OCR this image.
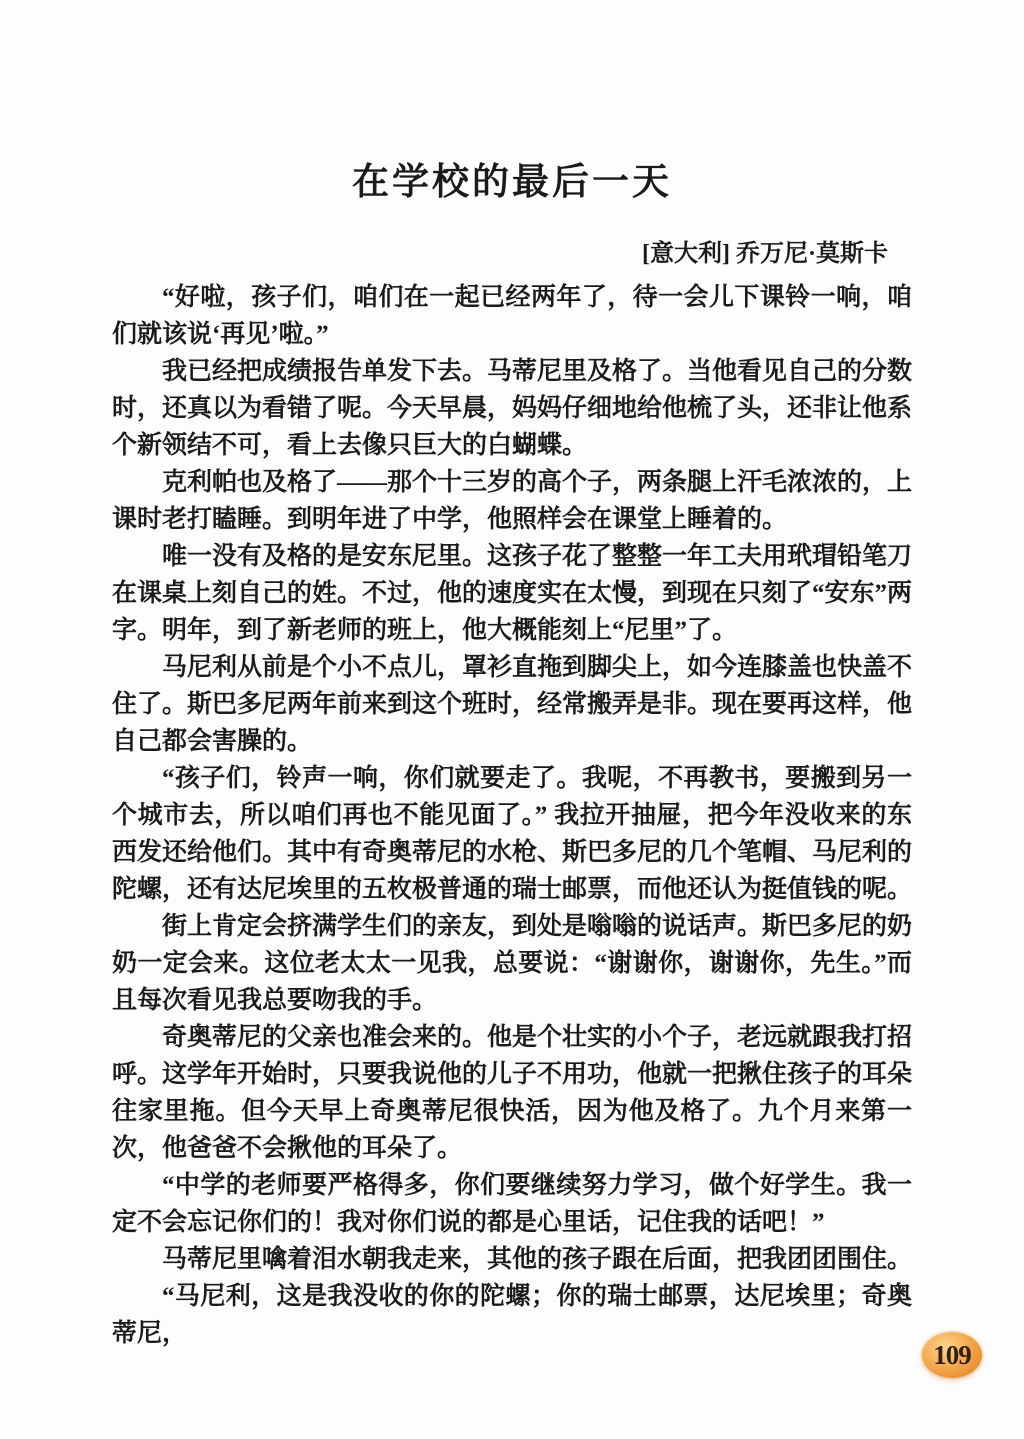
在学校的最后一天
[意大利] 乔万尼·莫斯卡

“好啦，孩子们，咱们在一起已经两年了，待一会儿下课铃一响，咱们就该说‘再见’啦。”

我已经把成绩报告单发下去。马蒂尼里及格了。当他看见自己的分数时，还真以为看错了呢。今天早晨，妈妈仔细地给他梳了头，还非让他系个新领结不可，看上去像只巨大的白蝴蝶。

克利帕也及格了——那个十三岁的高个子，两条腿上汗毛浓浓的，上课时老打瞌睡。到明年进了中学，他照样会在课堂上睡着的。

唯一没有及格的是安东尼里。这孩子花了整整一年工夫用玳瑁铅笔刀在课桌上刻自己的姓。不过，他的速度实在太慢，到现在只刻了“安东”两字。明年，到了新老师的班上，他大概能刻上“尼里”了。

马尼利从前是个小不点儿，罩衫直拖到脚尖上，如今连膝盖也快盖不住了。斯巴多尼两年前来到这个班时，经常搬弄是非。现在要再这样，他自己都会害臊的。

“孩子们，铃声一响，你们就要走了。我呢，不再教书，要搬到另一个城市去，所以咱们再也不能见面了。” 我拉开抽屉，把今年没收来的东西发还给他们。其中有奇奥蒂尼的水枪、斯巴多尼的几个笔帽、马尼利的陀螺，还有达尼埃里的五枚极普通的瑞士邮票，而他还认为挺值钱的呢。

街上肯定会挤满学生们的亲友，到处是嗡嗡的说话声。斯巴多尼的奶奶一定会来。这位老太太一见我，总要说：“谢谢你，谢谢你，先生。”而且每次看见我总要吻我的手。

奇奥蒂尼的父亲也准会来的。他是个壮实的小个子，老远就跟我打招呼。这学年开始时，只要我说他的儿子不用功，他就一把揪住孩子的耳朵往家里拖。但今天早上奇奥蒂尼很快活，因为他及格了。九个月来第一次，他爸爸不会揪他的耳朵了。

“中学的老师要严格得多，你们要继续努力学习，做个好学生。我一定不会忘记你们的！我对你们说的都是心里话，记住我的话吧！”

马蒂尼里噙着泪水朝我走来，其他的孩子跟在后面，把我团团围住。

“马尼利，这是我没收的你的陀螺；你的瑞士邮票，达尼埃里；奇奥蒂尼，

109
